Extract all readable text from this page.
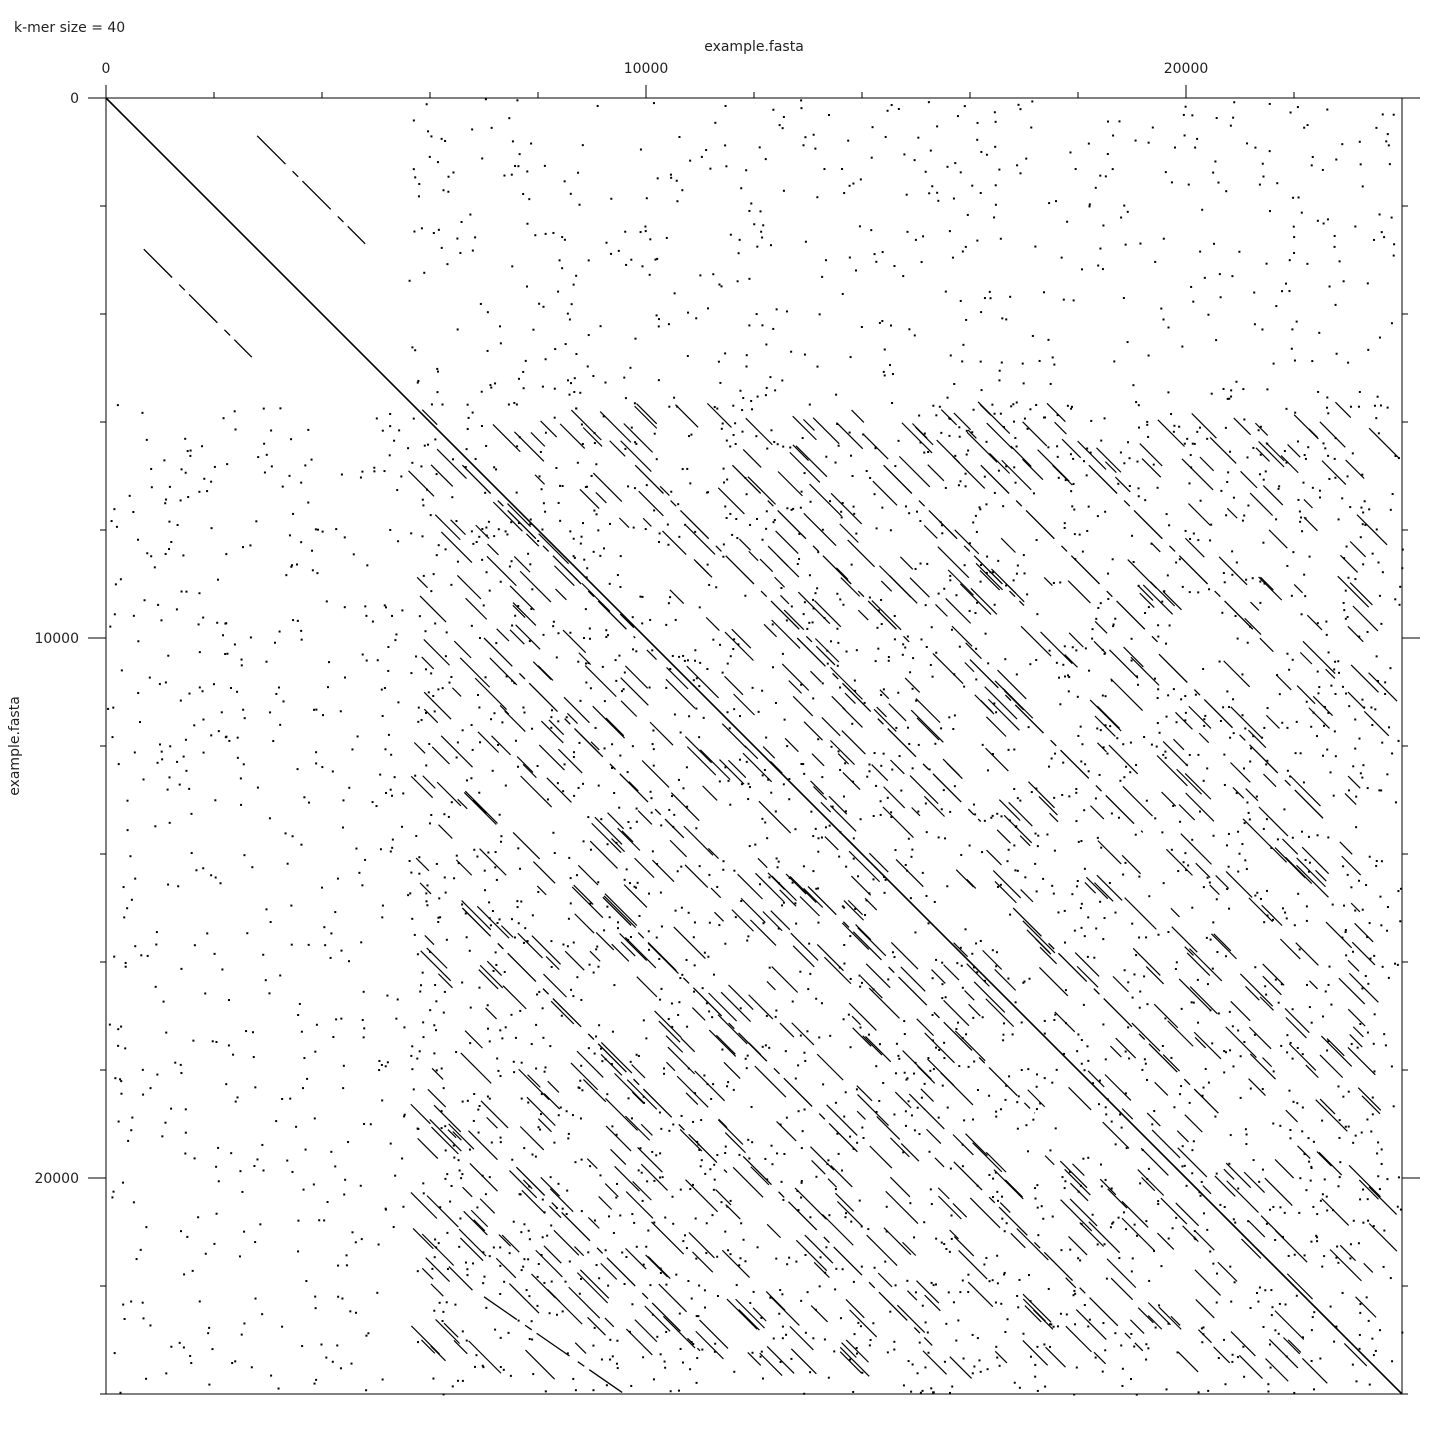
k-mer size = 40
0
0
10000
10000
20000
20000
example.fasta
example.fasta
